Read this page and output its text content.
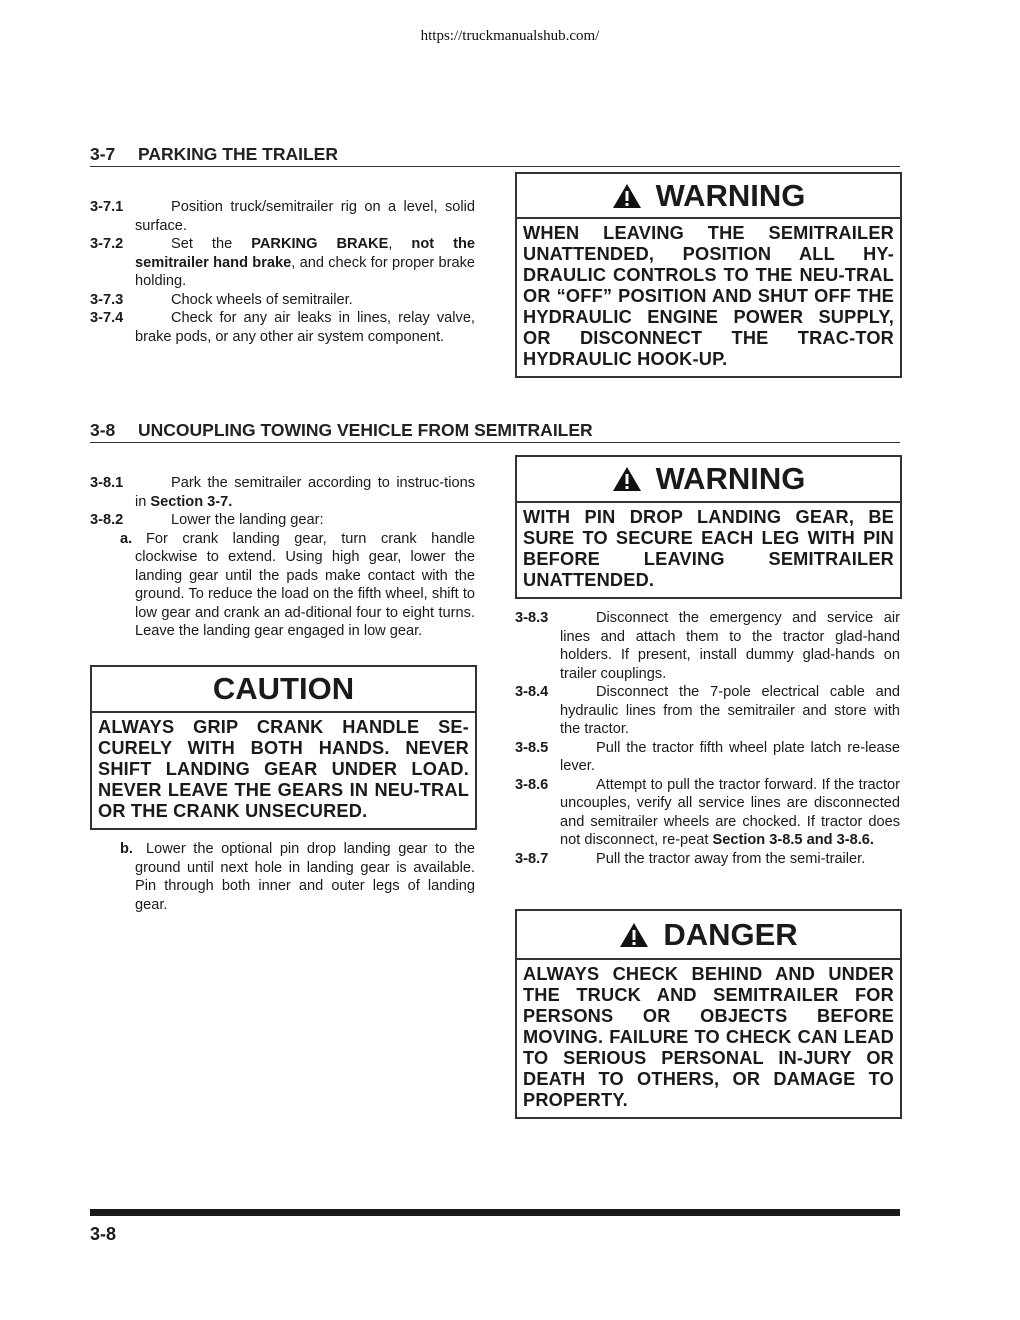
https://truckmanualshub.com/
3-7 PARKING THE TRAILER

3-7.1	Position truck/semitrailer rig on a level, solid surface.

3-7.2	Set the PARKING BRAKE, not the semitrailer hand brake, and check for proper brake holding.

3-7.3	Chock wheels of semitrailer.

3-7.4	Check for any air leaks in lines, relay valve, brake pods, or any other air system component.

WARNING
WHEN LEAVING THE SEMITRAILER UNATTENDED, POSITION ALL HY-DRAULIC CONTROLS TO THE NEU-TRAL OR “OFF” POSITION AND SHUT OFF THE HYDRAULIC ENGINE POWER SUPPLY, OR DISCONNECT THE TRAC-TOR HYDRAULIC HOOK-UP.
3-8 UNCOUPLING TOWING VEHICLE FROM SEMITRAILER

3-8.1	Park the semitrailer according to instruc-tions in Section 3-7.

3-8.2	Lower the landing gear:

a. For crank landing gear, turn crank handle clockwise to extend. Using high gear, lower the landing gear until the pads make contact with the ground. To reduce the load on the fifth wheel, shift to low gear and crank an ad-ditional four to eight turns. Leave the landing gear engaged in low gear.

CAUTION
ALWAYS GRIP CRANK HANDLE SE-CURELY WITH BOTH HANDS. NEVER SHIFT LANDING GEAR UNDER LOAD. NEVER LEAVE THE GEARS IN NEU-TRAL OR THE CRANK UNSECURED.

b. Lower the optional pin drop landing gear to the ground until next hole in landing gear is available. Pin through both inner and outer legs of landing gear.

WARNING
WITH PIN DROP LANDING GEAR, BE SURE TO SECURE EACH LEG WITH PIN BEFORE LEAVING SEMITRAILER UNATTENDED.

3-8.3	Disconnect the emergency and service air lines and attach them to the tractor glad-hand holders. If present, install dummy glad-hands on trailer couplings.

3-8.4	Disconnect the 7-pole electrical cable and hydraulic lines from the semitrailer and store with the tractor.

3-8.5	Pull the tractor fifth wheel plate latch re-lease lever.

3-8.6	Attempt to pull the tractor forward. If the tractor uncouples, verify all service lines are disconnected and semitrailer wheels are chocked. If tractor does not disconnect, re-peat Section 3-8.5 and 3-8.6.

3-8.7	Pull the tractor away from the semi-trailer.

DANGER
ALWAYS CHECK BEHIND AND UNDER THE TRUCK AND SEMITRAILER FOR PERSONS OR OBJECTS BEFORE MOVING. FAILURE TO CHECK CAN LEAD TO SERIOUS PERSONAL IN-JURY OR DEATH TO OTHERS, OR DAMAGE TO PROPERTY.
3-8
